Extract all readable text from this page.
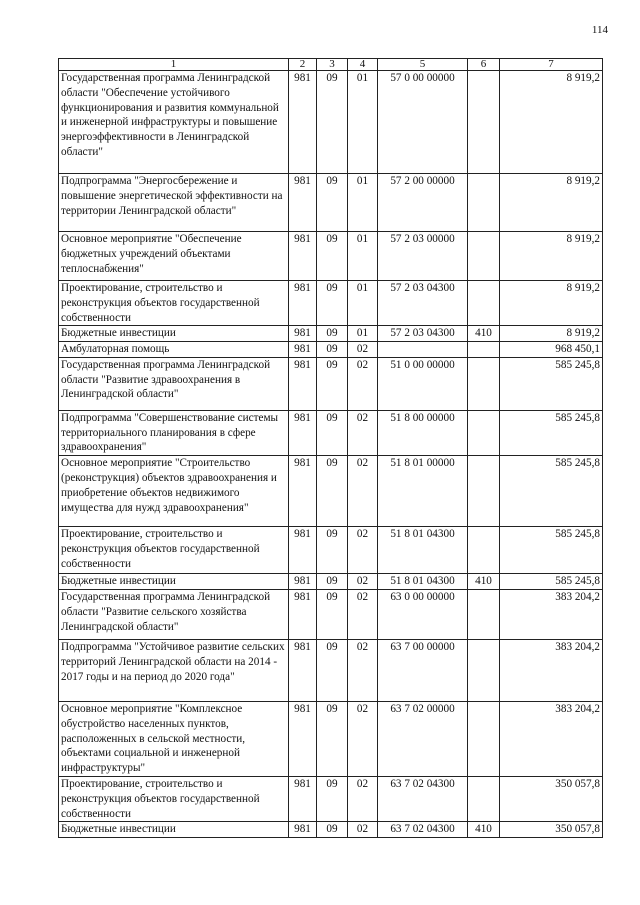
114
1	2	3	4	5	6	7
Государственная программа Ленинградской области "Обеспечение устойчивого функционирования и развития коммунальной и инженерной инфраструктуры и повышение энергоэффективности в Ленинградской области"	981	09	01	57 0 00 00000		8 919,2
Подпрограмма "Энергосбережение и повышение энергетической эффективности на территории Ленинградской области"	981	09	01	57 2 00 00000		8 919,2
Основное мероприятие "Обеспечение бюджетных учреждений объектами теплоснабжения"	981	09	01	57 2 03 00000		8 919,2
Проектирование, строительство и реконструкция объектов государственной собственности	981	09	01	57 2 03 04300		8 919,2
Бюджетные инвестиции	981	09	01	57 2 03 04300	410	8 919,2
Амбулаторная помощь	981	09	02			968 450,1
Государственная программа Ленинградской области "Развитие здравоохранения в Ленинградской области"	981	09	02	51 0 00 00000		585 245,8
Подпрограмма "Совершенствование системы территориального планирования в сфере здравоохранения"	981	09	02	51 8 00 00000		585 245,8
Основное мероприятие "Строительство (реконструкция) объектов здравоохранения и приобретение объектов недвижимого имущества для нужд здравоохранения"	981	09	02	51 8 01 00000		585 245,8
Проектирование, строительство и реконструкция объектов государственной собственности	981	09	02	51 8 01 04300		585 245,8
Бюджетные инвестиции	981	09	02	51 8 01 04300	410	585 245,8
Государственная программа Ленинградской области "Развитие сельского хозяйства Ленинградской области"	981	09	02	63 0 00 00000		383 204,2
Подпрограмма "Устойчивое развитие сельских территорий Ленинградской области на 2014 - 2017 годы и на период до 2020 года"	981	09	02	63 7 00 00000		383 204,2
Основное мероприятие "Комплексное обустройство населенных пунктов, расположенных в сельской местности, объектами социальной и инженерной инфраструктуры"	981	09	02	63 7 02 00000		383 204,2
Проектирование, строительство и реконструкция объектов государственной собственности	981	09	02	63 7 02 04300		350 057,8
Бюджетные инвестиции	981	09	02	63 7 02 04300	410	350 057,8
